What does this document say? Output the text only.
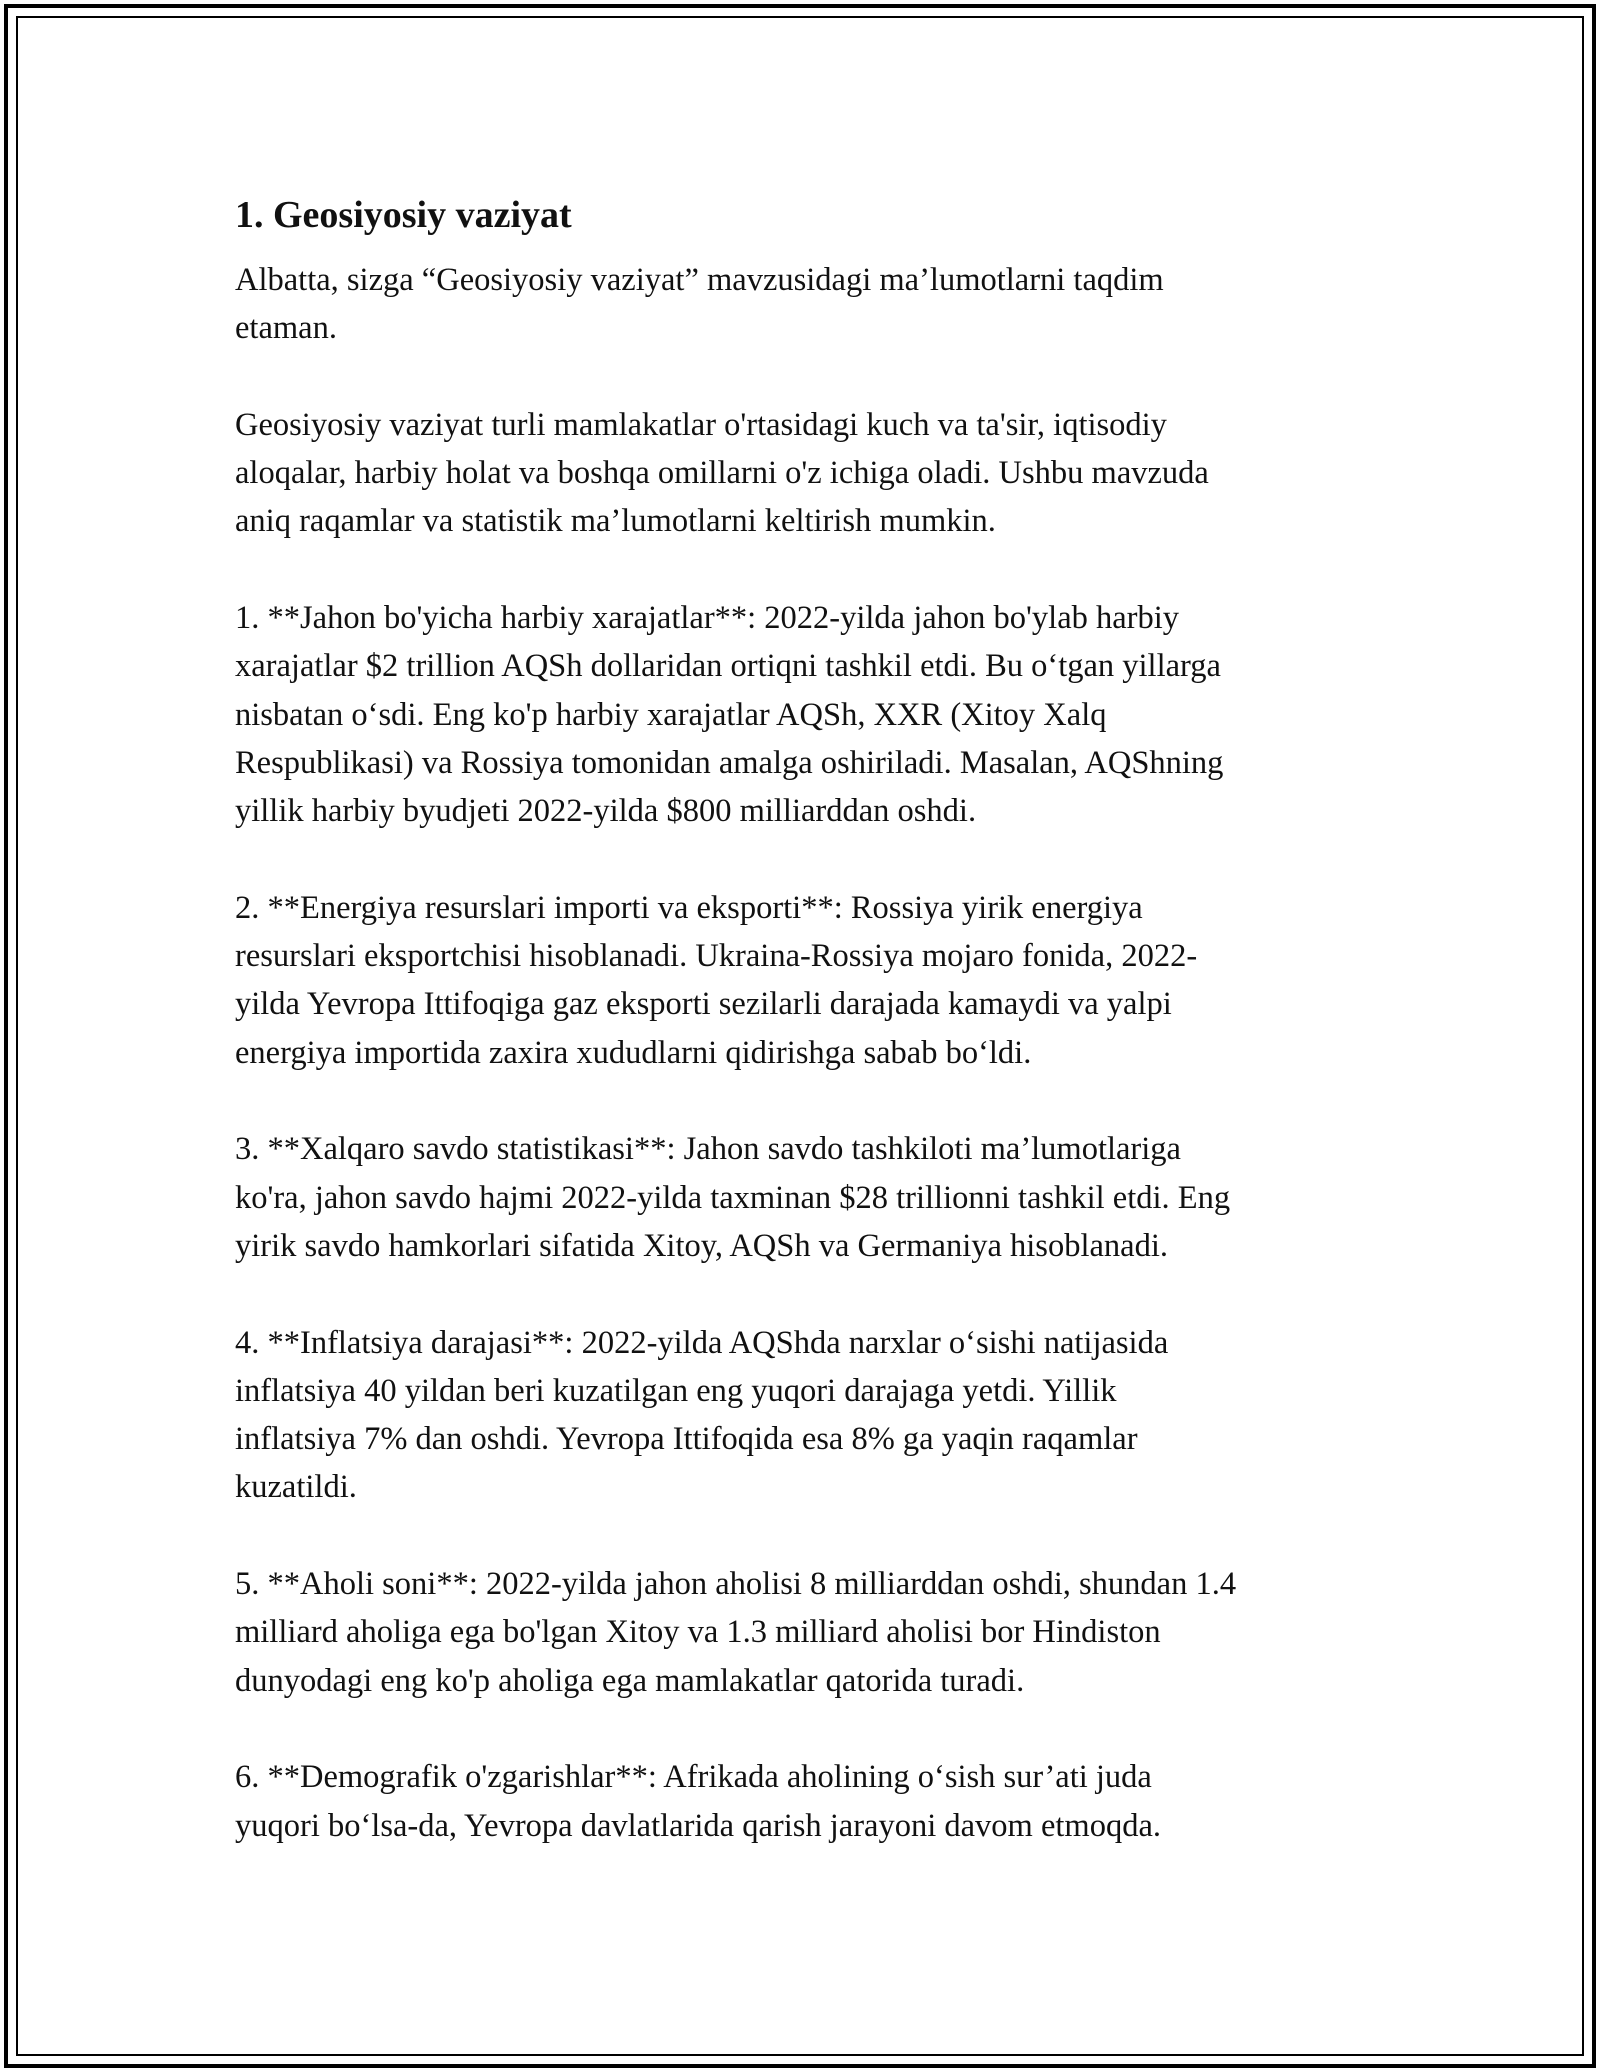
1. Geosiyosiy vaziyat

Albatta, sizga “Geosiyosiy vaziyat” mavzusidagi ma’lumotlarni taqdim
etaman.

Geosiyosiy vaziyat turli mamlakatlar o'rtasidagi kuch va ta'sir, iqtisodiy
aloqalar, harbiy holat va boshqa omillarni o'z ichiga oladi. Ushbu mavzuda
aniq raqamlar va statistik ma’lumotlarni keltirish mumkin.

1. **Jahon bo'yicha harbiy xarajatlar**: 2022-yilda jahon bo'ylab harbiy
xarajatlar $2 trillion AQSh dollaridan ortiqni tashkil etdi. Bu o‘tgan yillarga
nisbatan o‘sdi. Eng ko'p harbiy xarajatlar AQSh, XXR (Xitoy Xalq
Respublikasi) va Rossiya tomonidan amalga oshiriladi. Masalan, AQShning
yillik harbiy byudjeti 2022-yilda $800 milliarddan oshdi.

2. **Energiya resurslari importi va eksporti**: Rossiya yirik energiya
resurslari eksportchisi hisoblanadi. Ukraina-Rossiya mojaro fonida, 2022-
yilda Yevropa Ittifoqiga gaz eksporti sezilarli darajada kamaydi va yalpi
energiya importida zaxira xududlarni qidirishga sabab bo‘ldi.

3. **Xalqaro savdo statistikasi**: Jahon savdo tashkiloti ma’lumotlariga
ko'ra, jahon savdo hajmi 2022-yilda taxminan $28 trillionni tashkil etdi. Eng
yirik savdo hamkorlari sifatida Xitoy, AQSh va Germaniya hisoblanadi.

4. **Inflatsiya darajasi**: 2022-yilda AQShda narxlar o‘sishi natijasida
inflatsiya 40 yildan beri kuzatilgan eng yuqori darajaga yetdi. Yillik
inflatsiya 7% dan oshdi. Yevropa Ittifoqida esa 8% ga yaqin raqamlar
kuzatildi.

5. **Aholi soni**: 2022-yilda jahon aholisi 8 milliarddan oshdi, shundan 1.4
milliard aholiga ega bo'lgan Xitoy va 1.3 milliard aholisi bor Hindiston
dunyodagi eng ko'p aholiga ega mamlakatlar qatorida turadi.

6. **Demografik o'zgarishlar**: Afrikada aholining o‘sish sur’ati juda
yuqori bo‘lsa-da, Yevropa davlatlarida qarish jarayoni davom etmoqda.
